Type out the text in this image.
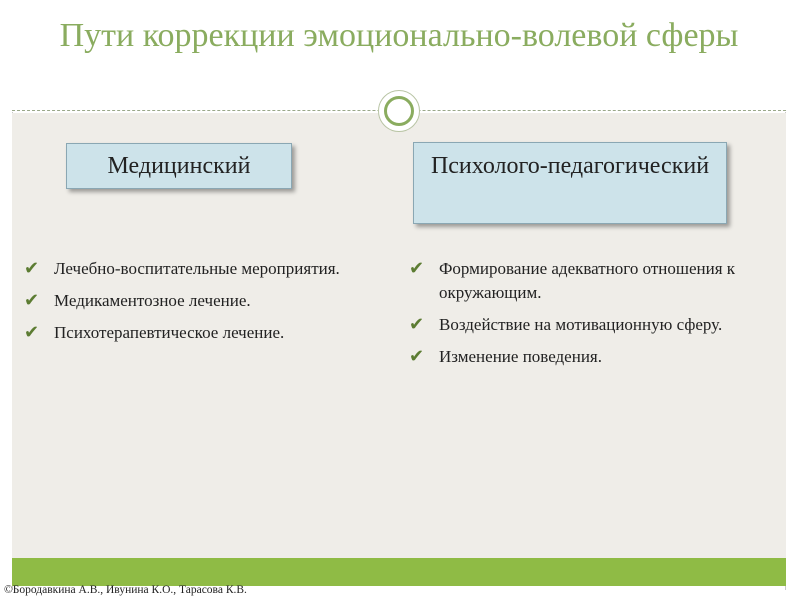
Пути коррекции эмоционально-волевой сферы
Медицинский	Психолого-педагогический
✔ Лечебно-воспитательные мероприятия.
✔ Медикаментозное лечение.
✔ Психотерапевтическое лечение.
✔ Формирование адекватного отношения к окружающим.
✔ Воздействие на мотивационную сферу.
✔ Изменение поведения.
©Бородавкина А.В., Ивунина К.О., Тарасова К.В.
